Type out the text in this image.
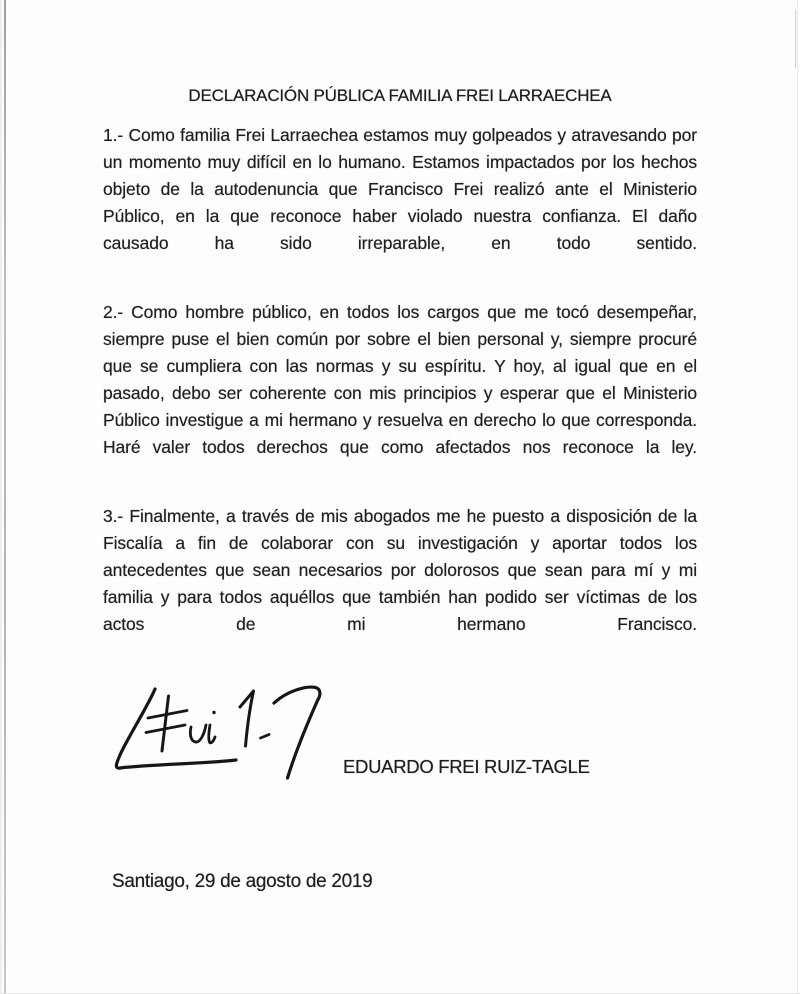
DECLARACIÓN PÚBLICA FAMILIA FREI LARRAECHEA

1.- Como familia Frei Larraechea estamos muy golpeados y atravesando por un momento muy difícil en lo humano. Estamos impactados por los hechos objeto de la autodenuncia que Francisco Frei realizó ante el Ministerio Público, en la que reconoce haber violado nuestra confianza. El daño causado ha sido irreparable, en todo sentido.

2.- Como hombre público, en todos los cargos que me tocó desempeñar, siempre puse el bien común por sobre el bien personal y, siempre procuré que se cumpliera con las normas y su espíritu. Y hoy, al igual que en el pasado, debo ser coherente con mis principios y esperar que el Ministerio Público investigue a mi hermano y resuelva en derecho lo que corresponda. Haré valer todos derechos que como afectados nos reconoce la ley.

3.- Finalmente, a través de mis abogados me he puesto a disposición de la Fiscalía a fin de colaborar con su investigación y aportar todos los antecedentes que sean necesarios por dolorosos que sean para mí y mi familia y para todos aquéllos que también han podido ser víctimas de los actos de mi hermano Francisco.

EDUARDO FREI RUIZ-TAGLE
Santiago, 29 de agosto de 2019
